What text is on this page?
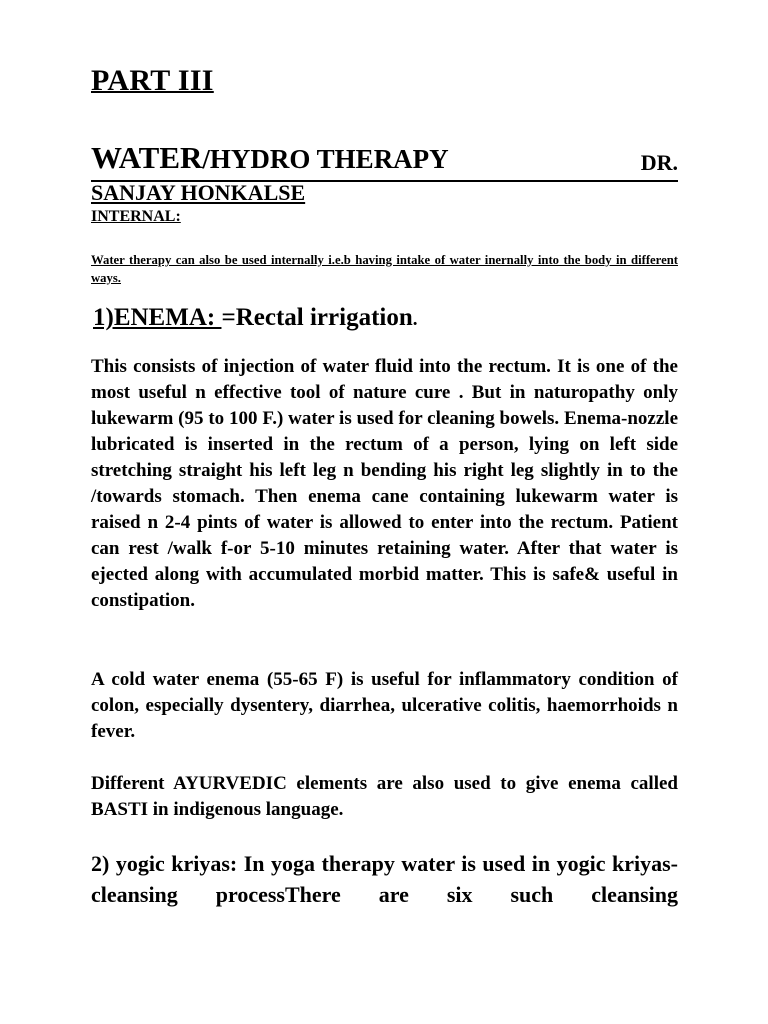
PART III
WATER/HYDRO THERAPY	DR.
SANJAY HONKALSE
INTERNAL:
Water therapy can also be used internally i.e.b having intake of water inernally into the body in different ways.
1)ENEMA: =Rectal irrigation.
This consists of injection of water fluid into the rectum. It is one of the most useful n effective tool of nature cure . But in naturopathy only lukewarm (95 to 100 F.) water is used for cleaning bowels. Enema-nozzle lubricated is inserted in the rectum of a person, lying on left side stretching straight his left leg n bending his right leg slightly in to the /towards stomach. Then enema cane containing lukewarm water is raised n 2-4 pints of water is allowed to enter into the rectum. Patient can rest /walk f-or 5-10 minutes retaining water. After that water is ejected along with accumulated morbid matter. This is safe& useful in constipation.
A cold water enema (55-65 F) is useful for inflammatory condition of colon, especially dysentery, diarrhea, ulcerative colitis, haemorrhoids n fever.
Different AYURVEDIC elements are also used to give enema called BASTI in indigenous language.
2) yogic kriyas: In yoga therapy water is used in yogic kriyas-cleansing processThere are six such cleansing
